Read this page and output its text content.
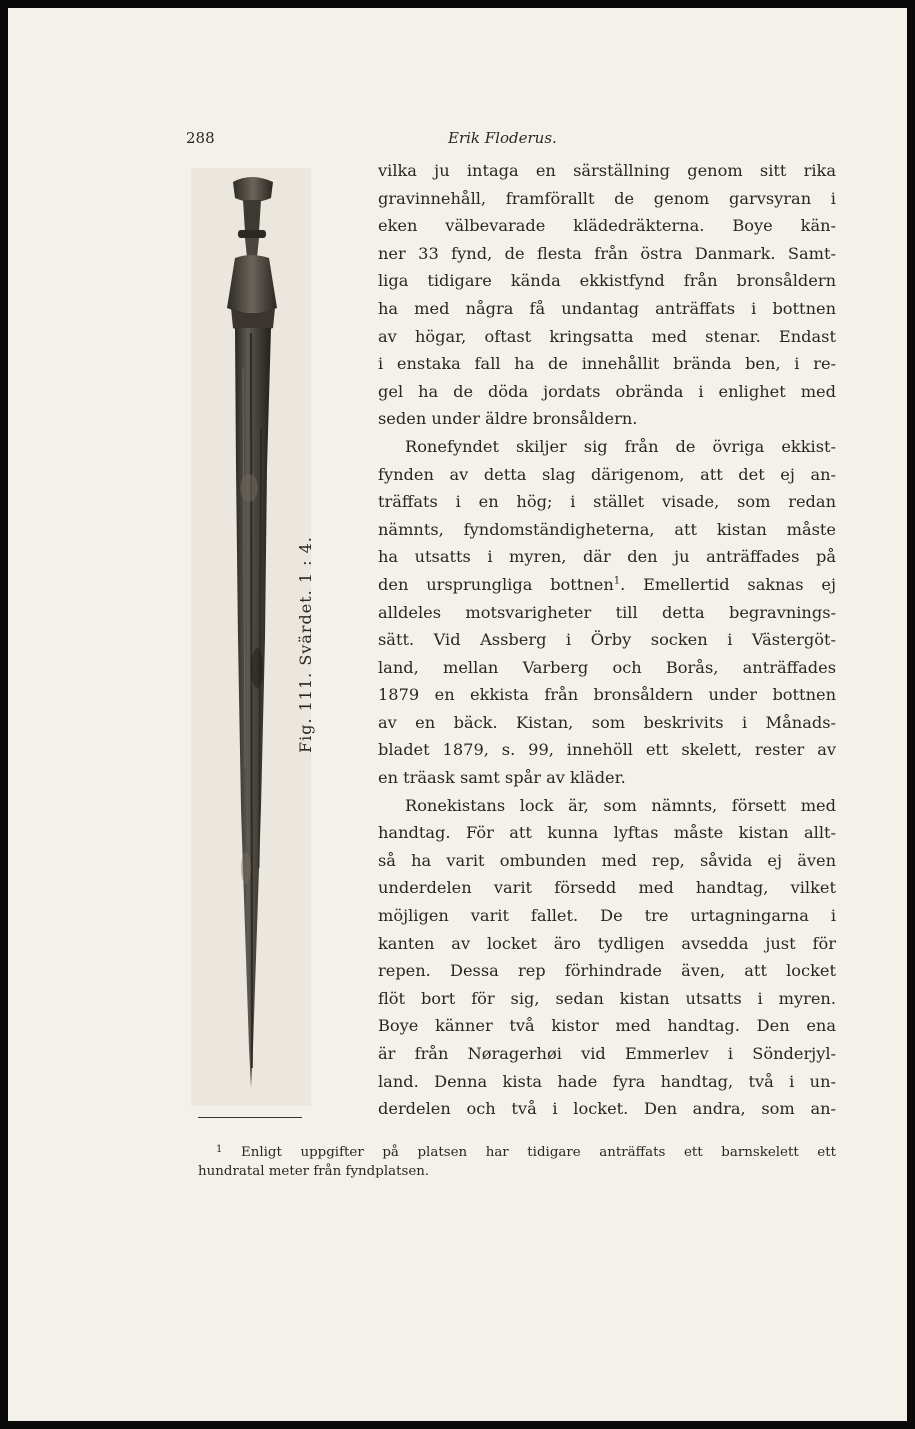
288	Erik Floderus.

Fig. 111. Svärdet. 1 : 4.
vilka ju intaga en särställning genom sitt rika
gravinnehåll, framförallt de genom garvsyran i
eken välbevarade klädedräkterna. Boye kän-
ner 33 fynd, de flesta från östra Danmark. Samt-
liga tidigare kända ekkistfynd från bronsåldern
ha med några få undantag anträffats i bottnen
av högar, oftast kringsatta med stenar. Endast
i enstaka fall ha de innehållit brända ben, i re-
gel ha de döda jordats obrända i enlighet med
seden under äldre bronsåldern.
Ronefyndet skiljer sig från de övriga ekkist-
fynden av detta slag därigenom, att det ej an-
träffats i en hög; i stället visade, som redan
nämnts, fyndomständigheterna, att kistan måste
ha utsatts i myren, där den ju anträffades på
den ursprungliga bottnen$^1$. Emellertid saknas ej
alldeles motsvarigheter till detta begravnings-
sätt. Vid Assberg i Örby socken i Västergöt-
land, mellan Varberg och Borås, anträffades
1879 en ekkista från bronsåldern under bottnen
av en bäck. Kistan, som beskrivits i Månads-
bladet 1879, s. 99, innehöll ett skelett, rester av
en träask samt spår av kläder.
Ronekistans lock är, som nämnts, försett med
handtag. För att kunna lyftas måste kistan allt-
så ha varit ombunden med rep, såvida ej även
underdelen varit försedd med handtag, vilket
möjligen varit fallet. De tre urtagningarna i
kanten av locket äro tydligen avsedda just för
repen. Dessa rep förhindrade även, att locket
flöt bort för sig, sedan kistan utsatts i myren.
Boye känner två kistor med handtag. Den ena
är från Nøragerhøi vid Emmerlev i Sönderjyl-
land. Denna kista hade fyra handtag, två i un-
derdelen och två i locket. Den andra, som an-
$^1$ Enligt uppgifter på platsen har tidigare anträffats ett barnskelett ett
hundratal meter från fyndplatsen.
